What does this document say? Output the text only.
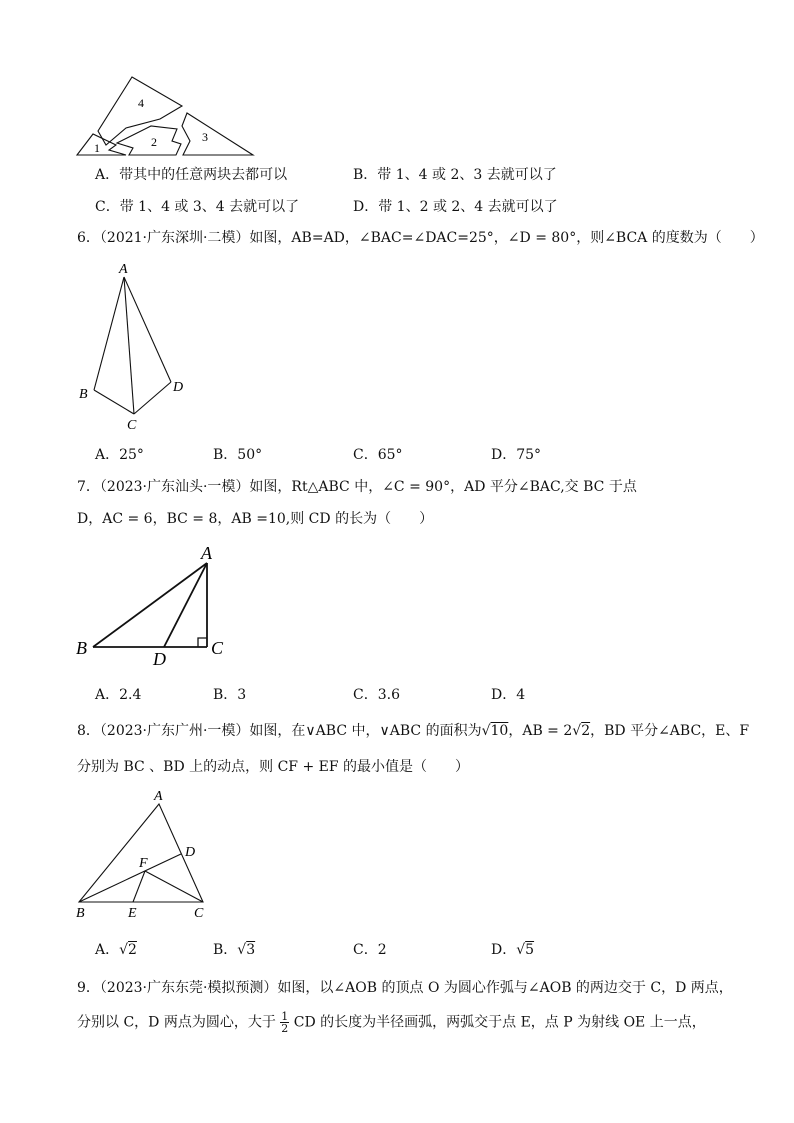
4
1	2	3
A．带其中的任意两块去都可以	B．带 1、4 或 2、3 去就可以了
C．带 1、4 或 3、4 去就可以了	D．带 1、2 或 2、4 去就可以了
6．（2021·广东深圳·二模）如图，AB=AD，∠BAC=∠DAC=25°，∠D = 80°，则∠BCA 的度数为（　　）
A
B
C
D
A．25°	B．50°	C．65°	D．75°
7．（2023·广东汕头·一模）如图，Rt△ABC 中，∠C = 90°，AD 平分∠BAC,交 BC 于点
D，AC = 6，BC = 8，AB =10,则 CD 的长为（　　）
A
B
D
C
A．2.4	B．3	C．3.6	D．4
8．（2023·广东广州·一模）如图，在∨ABC 中，∨ABC 的面积为√10，AB = 2√2，BD 平分∠ABC，E、F
分别为 BC 、BD 上的动点，则 CF + EF 的最小值是（　　）
A
D
F
B	E	C
A．√2	B．√3	C．2	D．√5
9．（2023·广东东莞·模拟预测）如图，以∠AOB 的顶点 O 为圆心作弧与∠AOB 的两边交于 C，D 两点，
分别以 C，D 两点为圆心，大于 $\frac{1}{2}$ CD 的长度为半径画弧，两弧交于点 E，点 P 为射线 OE 上一点，
